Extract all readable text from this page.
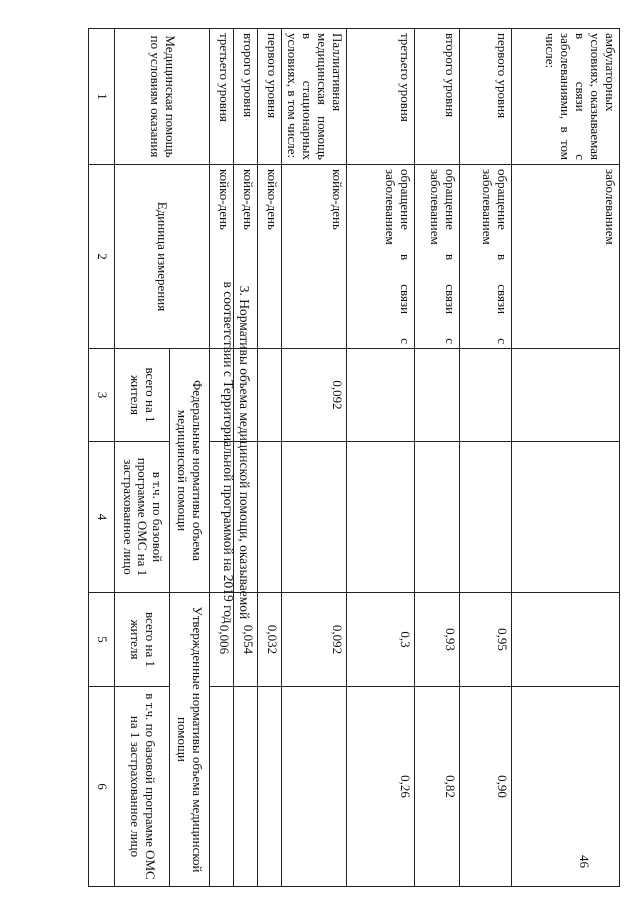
46
амбулаторных условиях, оказываемая в связи с заболеваниями, в том числе:	заболеванием				
первого уровня	обращение в связи с заболеванием			0,95	0,90
второго уровня	обращение в связи с заболеванием			0,93	0,82
третьего уровня	обращение в связи с заболеванием			0,3	0,26
Паллиативная медицинская помощь в стационарных условиях, в том числе:	койко-день	0,092		0,092	
первого уровня	койко-день			0,032	
второго уровня	койко-день			0,054	
третьего уровня	койко-день			0,006	
3. Нормативы объема медицинской помощи, оказываемой
в соответствии с Территориальной программой на 2019 год
Медицинская помощь по условиям оказания	Единица измерения	Федеральные нормативы объема медицинской помощи		Утвержденные нормативы объема медицинской помощи	
		всего на 1 жителя	в т.ч. по базовой программе ОМС на 1 застрахованное лицо	всего на 1 жителя	в т.ч. по базовой программе ОМС на 1 застрахованное лицо
1	2	3	4	5	6
